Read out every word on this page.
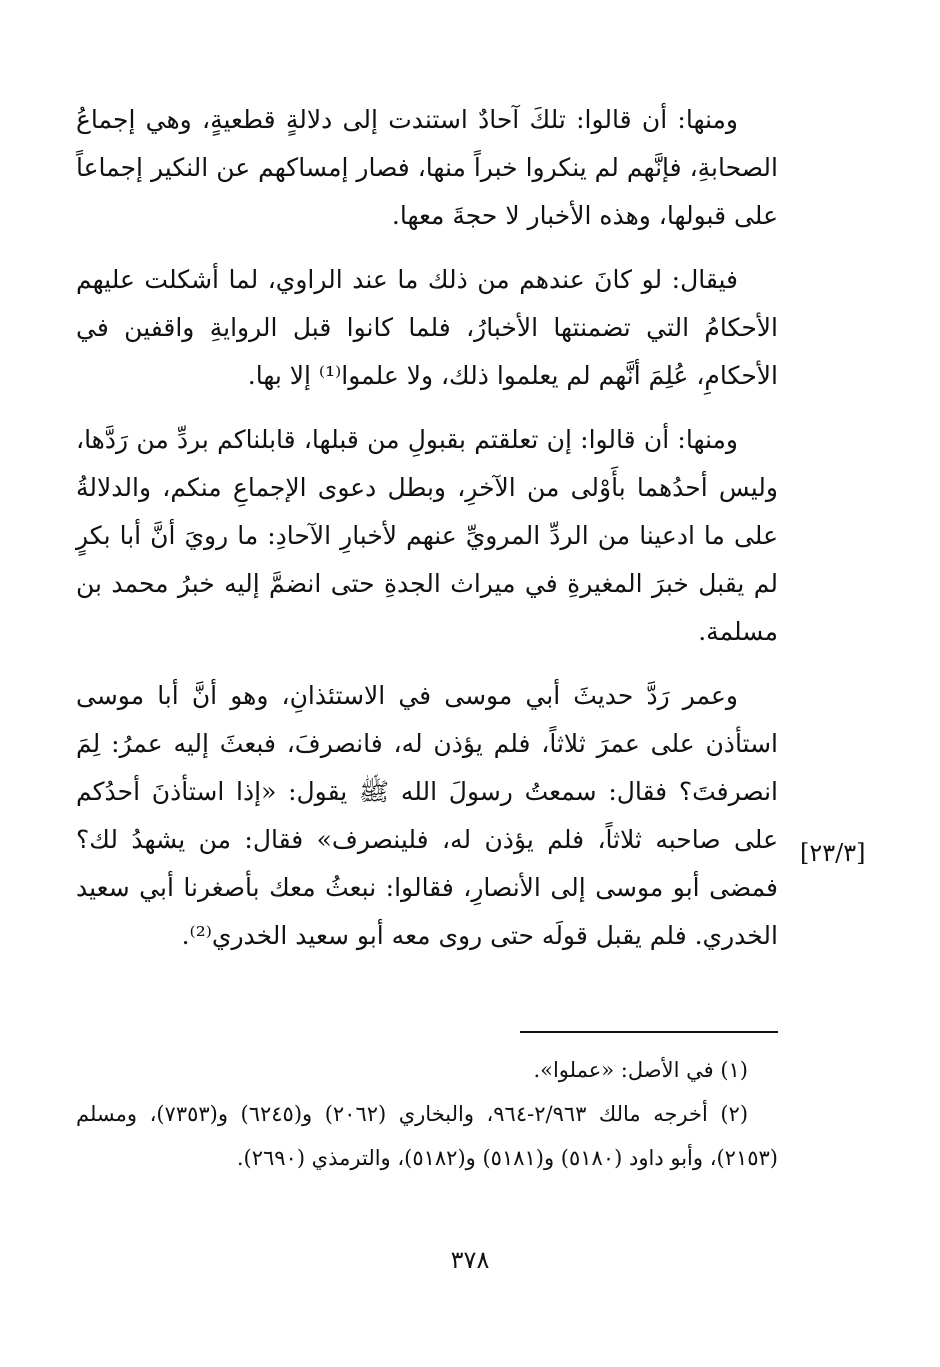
ومنها: أن قالوا: تلكَ آحادٌ استندت إلى دلالةٍ قطعيةٍ، وهي إجماعُ الصحابةِ، فإنَّهم لم ينكروا خبراً منها، فصار إمساكهم عن النكير إجماعاً على قبولها، وهذه الأخبار لا حجةَ معها.

فيقال: لو كانَ عندهم من ذلك ما عند الراوي، لما أشكلت عليهم الأحكامُ التي تضمنتها الأخبارُ، فلما كانوا قبل الروايةِ واقفين في الأحكامِ، عُلِمَ أنَّهم لم يعلموا ذلك، ولا علموا⁽¹⁾ إلا بها.

ومنها: أن قالوا: إن تعلقتم بقبولِ من قبلها، قابلناكم بردِّ من رَدَّها، وليس أحدُهما بأَوْلى من الآخرِ، وبطل دعوى الإجماعِ منكم، والدلالةُ على ما ادعينا من الردِّ المرويِّ عنهم لأخبارِ الآحادِ: ما رويَ أنَّ أبا بكرٍ لم يقبل خبرَ المغيرةِ في ميراث الجدةِ حتى انضمَّ إليه خبرُ محمد بن مسلمة.

وعمر رَدَّ حديثَ أبي موسى في الاستئذانِ، وهو أنَّ أبا موسى استأذن على عمرَ ثلاثاً، فلم يؤذن له، فانصرفَ، فبعثَ إليه عمرُ: لِمَ انصرفتَ؟ فقال: سمعتُ رسولَ الله ﷺ يقول: «إذا استأذنَ أحدُكم على صاحبه ثلاثاً، فلم يؤذن له، فلينصرف» فقال: من يشهدُ لك؟ فمضى أبو موسى إلى الأنصارِ، فقالوا: نبعثُ معك بأصغرنا أبي سعيد الخدري. فلم يقبل قولَه حتى روى معه أبو سعيد الخدري⁽²⁾.

[٢٣/٣]

(١) في الأصل: «عملوا».

(٢) أخرجه مالك ٢/٩٦٣-٩٦٤، والبخاري (٢٠٦٢) و(٦٢٤٥) و(٧٣٥٣)، ومسلم (٢١٥٣)، وأبو داود (٥١٨٠) و(٥١٨١) و(٥١٨٢)، والترمذي (٢٦٩٠).

٣٧٨
